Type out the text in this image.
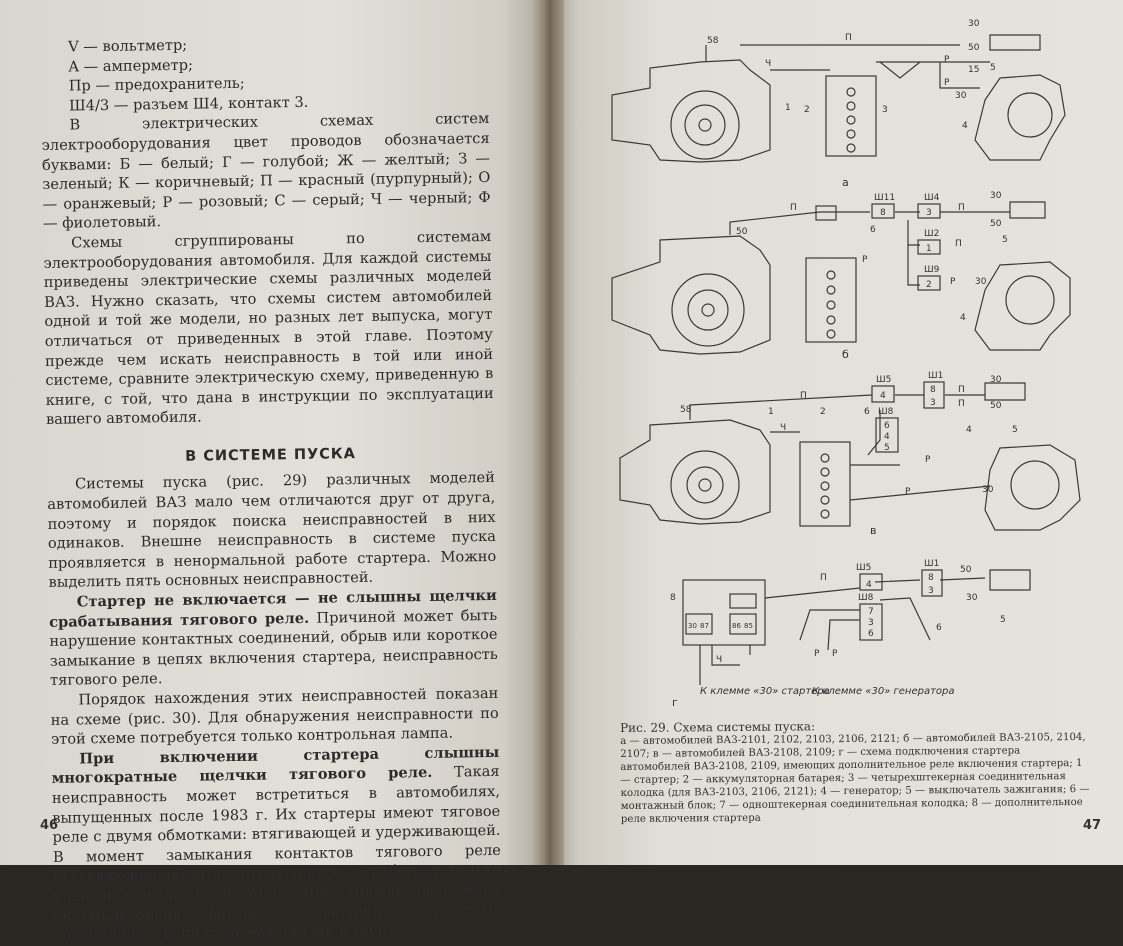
V — вольтметр;

A — амперметр;

Пр — предохранитель;

Ш4/3 — разъем Ш4, контакт 3.

В электрических схемах систем электрооборудования цвет проводов обозначается буквами: Б — белый; Г — голубой; Ж — желтый; З — зеленый; К — коричневый; П — красный (пурпурный); О — оранжевый; Р — розовый; С — серый; Ч — черный; Ф — фиолетовый.

Схемы сгруппированы по системам электрооборудования автомобиля. Для каждой системы приведены электрические схемы различных моделей ВАЗ. Нужно сказать, что схемы систем автомобилей одной и той же модели, но разных лет выпуска, могут отличаться от приведенных в этой главе. Поэтому прежде чем искать неисправность в той или иной системе, сравните электрическую схему, приведенную в книге, с той, что дана в инструкции по эксплуатации вашего автомобиля.

В СИСТЕМЕ ПУСКА

Системы пуска (рис. 29) различных моделей автомобилей ВАЗ мало чем отличаются друг от друга, поэтому и порядок поиска неисправностей в них одинаков. Внешне неисправность в системе пуска проявляется в ненормальной работе стартера. Можно выделить пять основных неисправностей.

Стартер не включается — не слышны щелчки срабатывания тягового реле. Причиной может быть нарушение контактных соединений, обрыв или короткое замыкание в цепях включения стартера, неисправность тягового реле.

Порядок нахождения этих неисправностей показан на схеме (рис. 30). Для обнаружения неисправности по этой схеме потребуется только контрольная лампа.

При включении стартера слышны многократные щелчки тягового реле. Такая неисправность может встретиться в автомобилях, выпущенных после 1983 г. Их стартеры имеют тяговое реле с двумя обмотками: втягивающей и удерживающей. В момент замыкания контактов тягового реле втягивающая обмотка отключается и работает только удерживающая. Если при этом сильно разряжена аккумуляторная батарея, ослаблены контактные соединения в цепи стартера или же в удер-

46	47
58	П
Ч
Р
Р
30
50
15
30
1 2	3
4
5
а
Ш11
8
Ш4
3
Ш2
1
Ш9
2
П	П
Р
Р
П
50
30
50
30
6
4
5
б
Ш5
4
Ш1
8
3
Ш8
6
4
5
П
Ч
П
П
Р
Р
58	1	2
30
50
4	5
6
30
в
8
30 87	86 85
Ш5
4
Ш1
8
3
Ш8
7
3
6
50
30
5
6
Р Р
Ч
П
К клемме «30» стартера
К клемме «30» генератора
г
Рис. 29. Схема системы пуска:
а — автомобилей ВАЗ-2101, 2102, 2103, 2106, 2121; б — автомобилей ВАЗ-2105, 2104, 2107; в — автомобилей ВАЗ-2108, 2109; г — схема подключения стартера автомобилей ВАЗ-2108, 2109, имеющих дополнительное реле включения стартера; 1 — стартер; 2 — аккумуляторная батарея; 3 — четырехштекерная соединительная колодка (для ВАЗ-2103, 2106, 2121); 4 — генератор; 5 — выключатель зажигания; 6 — монтажный блок; 7 — одноштекерная соединительная колодка; 8 — дополнительное реле включения стартера
